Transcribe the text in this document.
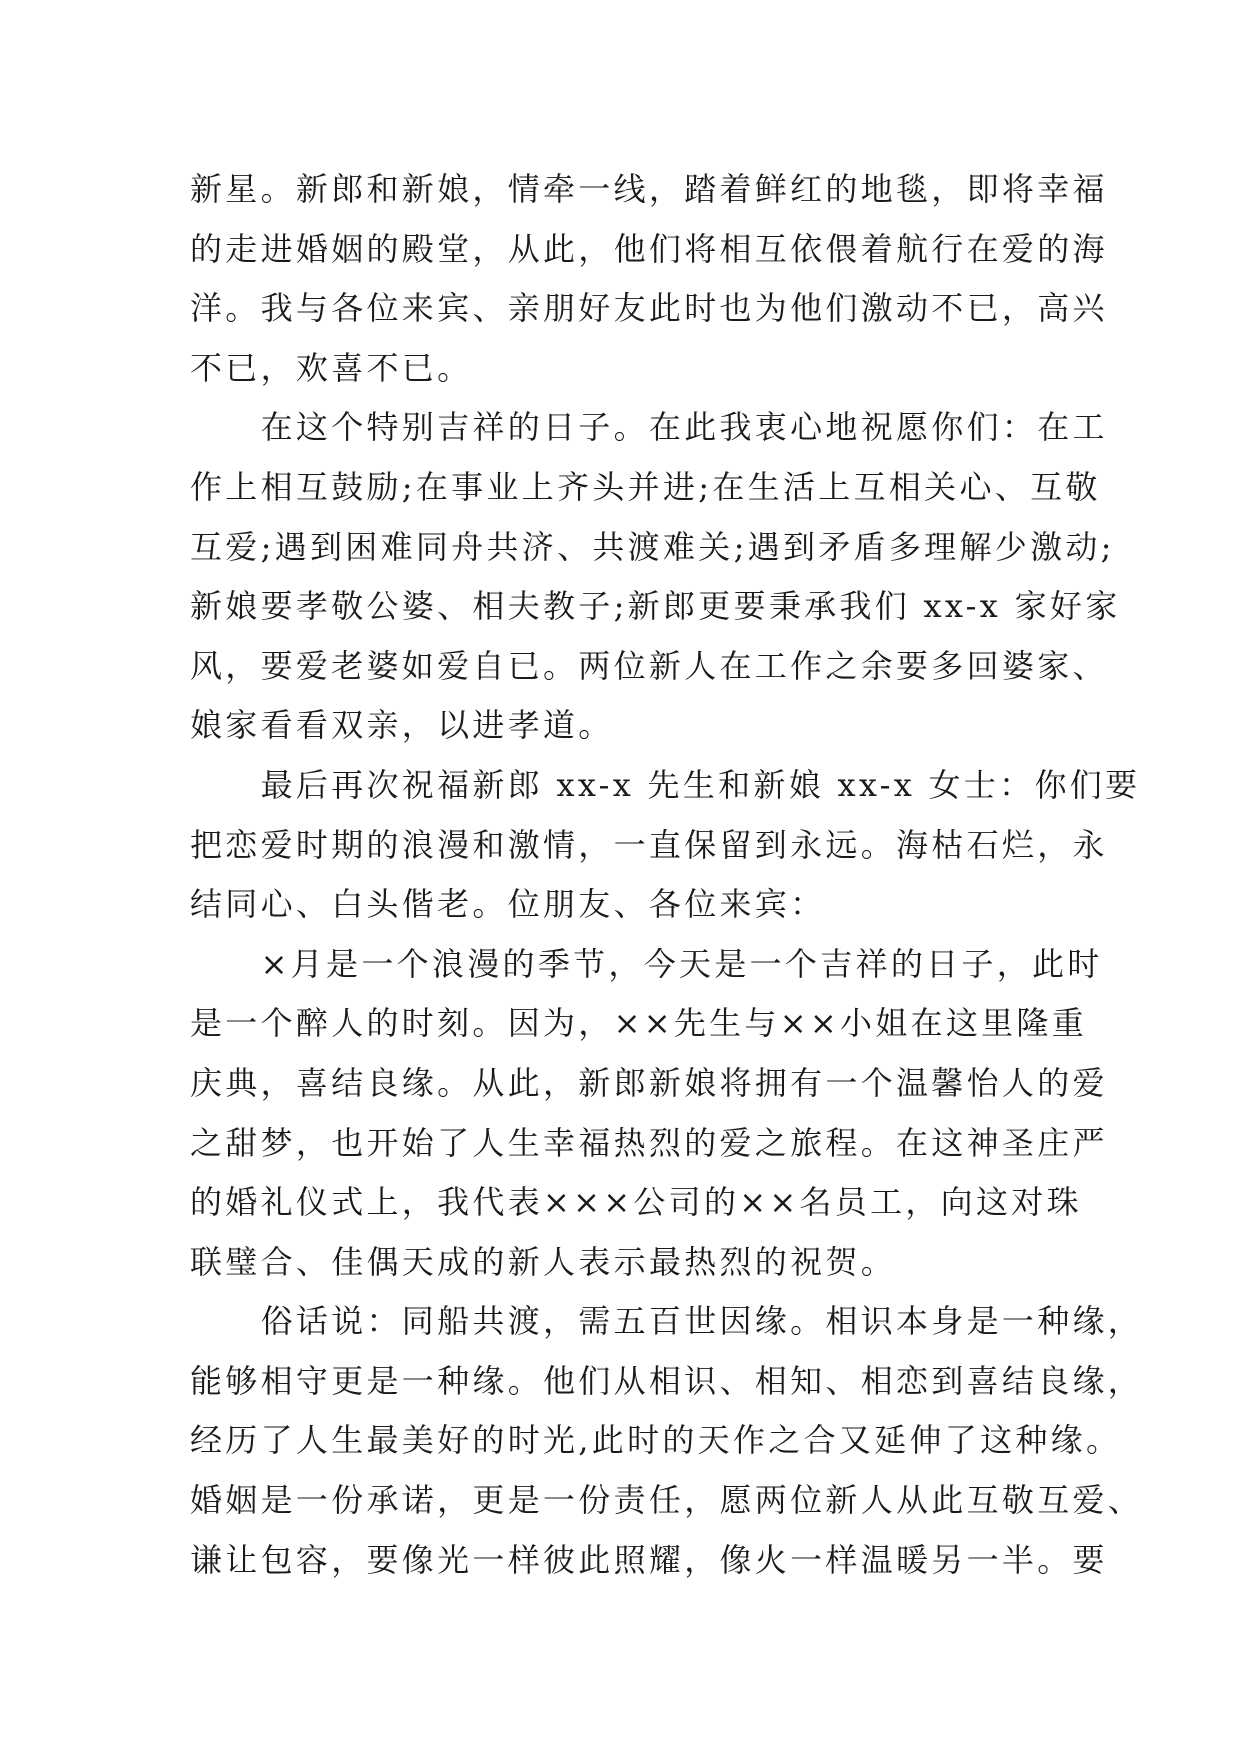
新星。新郎和新娘，情牵一线，踏着鲜红的地毯，即将幸福
的走进婚姻的殿堂，从此，他们将相互依偎着航行在爱的海
洋。我与各位来宾、亲朋好友此时也为他们激动不已，高兴
不已，欢喜不已。
　　在这个特别吉祥的日子。在此我衷心地祝愿你们：在工
作上相互鼓励;在事业上齐头并进;在生活上互相关心、互敬
互爱;遇到困难同舟共济、共渡难关;遇到矛盾多理解少激动;
新娘要孝敬公婆、相夫教子;新郎更要秉承我们 xx-x 家好家
风，要爱老婆如爱自已。两位新人在工作之余要多回婆家、
娘家看看双亲，以进孝道。
　　最后再次祝福新郎 xx-x 先生和新娘 xx-x 女士：你们要
把恋爱时期的浪漫和激情，一直保留到永远。海枯石烂，永
结同心、白头偕老。位朋友、各位来宾：
　　×月是一个浪漫的季节，今天是一个吉祥的日子，此时
是一个醉人的时刻。因为，××先生与××小姐在这里隆重
庆典，喜结良缘。从此，新郎新娘将拥有一个温馨怡人的爱
之甜梦，也开始了人生幸福热烈的爱之旅程。在这神圣庄严
的婚礼仪式上，我代表×××公司的××名员工，向这对珠
联璧合、佳偶天成的新人表示最热烈的祝贺。
　　俗话说：同船共渡，需五百世因缘。相识本身是一种缘，
能够相守更是一种缘。他们从相识、相知、相恋到喜结良缘，
经历了人生最美好的时光,此时的天作之合又延伸了这种缘。
婚姻是一份承诺，更是一份责任，愿两位新人从此互敬互爱、
谦让包容，要像光一样彼此照耀，像火一样温暖另一半。要
